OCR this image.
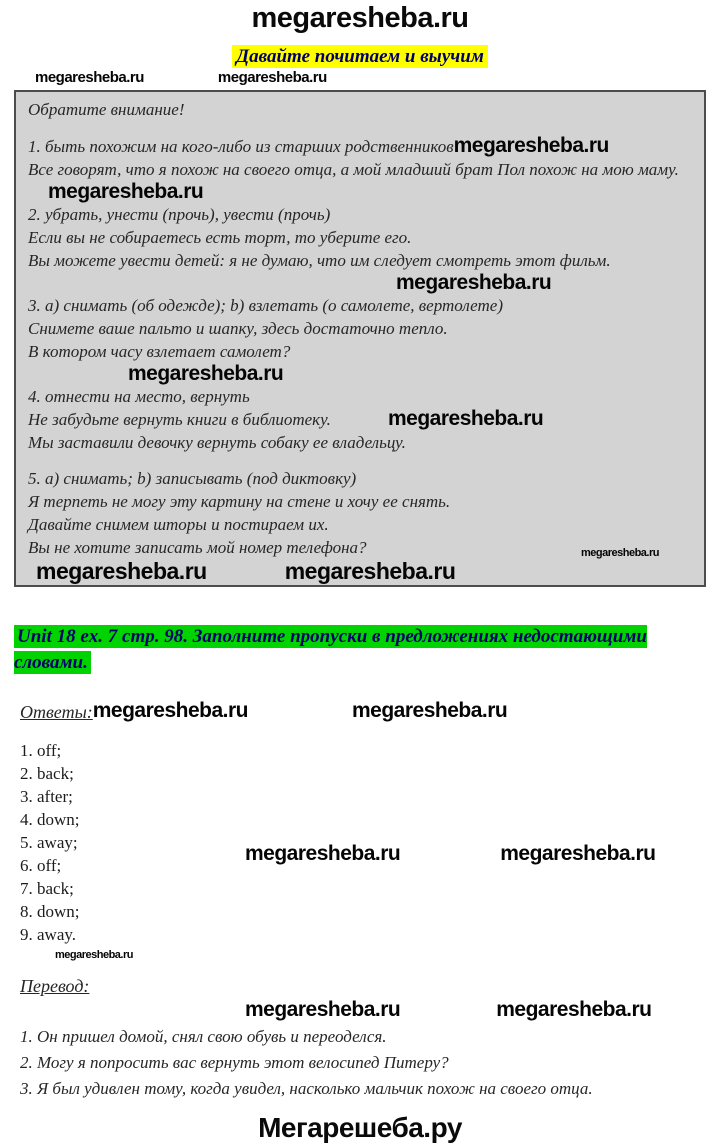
megaresheba.ru
Давайте почитаем и выучим
megaresheba.ru	megaresheba.ru
Обратите внимание!
1. быть похожим на кого-либо из старших родственниковmegaresheba.ru
Все говорят, что я похож на своего отца, а мой младший брат Пол похож на мою маму.
megaresheba.ru
2. убрать, унести (прочь), увести (прочь)
Если вы не собираетесь есть торт, то уберите его.
Вы можете увести детей: я не думаю, что им следует смотреть этот фильм.
megaresheba.ru
3. a) снимать (об одежде); b) взлетать (о самолете, вертолете)
Снимете ваше пальто и шапку, здесь достаточно тепло.
В котором часу взлетает самолет?
megaresheba.ru
4. отнести на место, вернуть
Не забудьте вернуть книги в библиотеку.	megaresheba.ru
Мы заставили девочку вернуть собаку ее владельцу.
5. a) снимать; b) записывать (под диктовку)
Я терпеть не могу эту картину на стене и хочу ее снять.
Давайте снимем шторы и постираем их.
Вы не хотите записать мой номер телефона?	megaresheba.ru
megaresheba.ru	megaresheba.ru
Unit 18 ex. 7 стр. 98. Заполните пропуски в предложениях недостающими словами.
Ответы: megaresheba.ru	megaresheba.ru
1. off;
2. back;
3. after;
4. down;
5. away;
6. off;
7. back;
8. down;
9. away.
megaresheba.ru	megaresheba.ru
megaresheba.ru
Перевод:
megaresheba.ru	megaresheba.ru
1. Он пришел домой, снял свою обувь и переоделся.
2. Могу я попросить вас вернуть этот велосипед Питеру?
3. Я был удивлен тому, когда увидел, насколько мальчик похож на своего отца.
Мегарешеба.ру
